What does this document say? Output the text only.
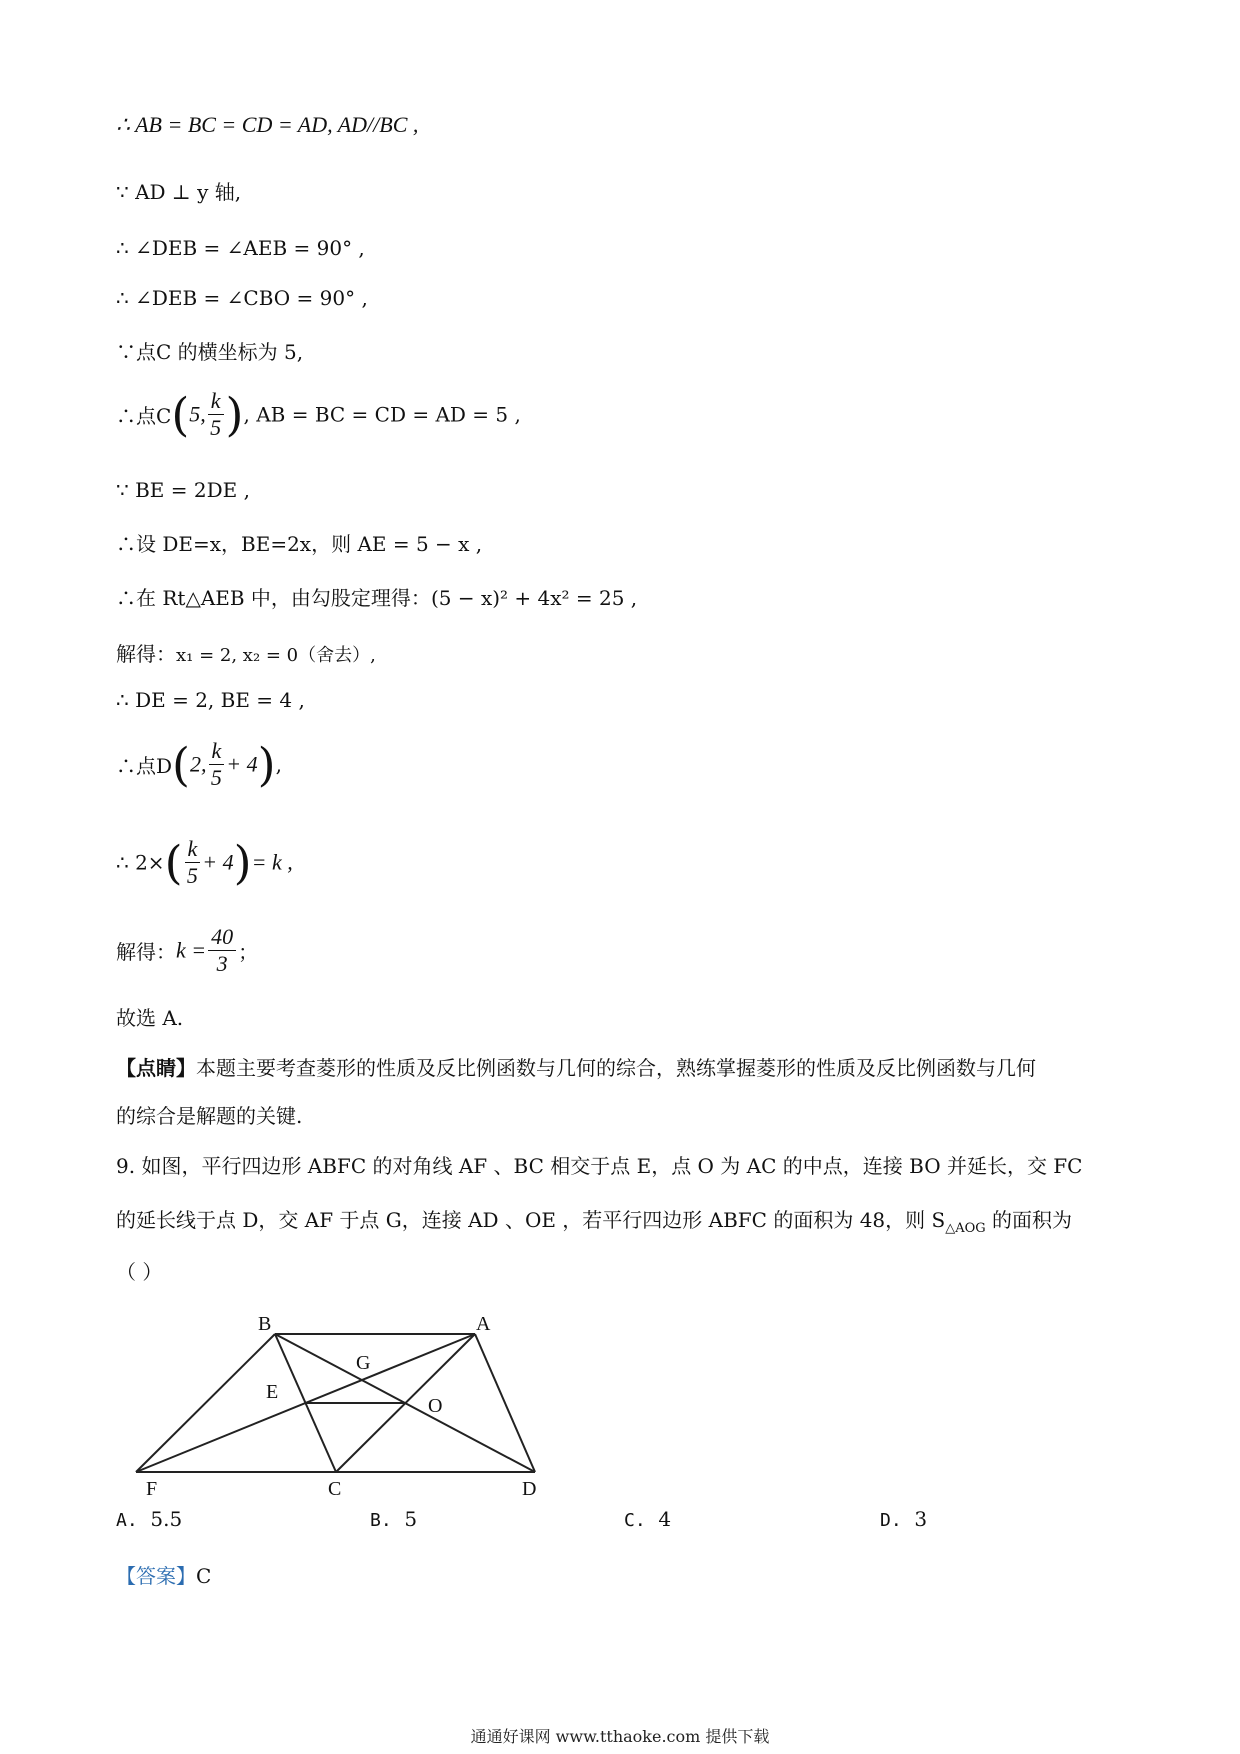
∴ AB = BC = CD = AD, AD//BC ,
∵ AD ⊥ y 轴,
∴ ∠DEB = ∠AEB = 90° ,
∴ ∠DEB = ∠CBO = 90° ,
∵点C 的横坐标为 5,
∴点C(5, $\frac{k}{5}$ ), AB = BC = CD = AD = 5 ,
∵ BE = 2DE ,
∴设 DE=x，BE=2x，则 AE = 5 − x ,
∴在 Rt△AEB 中，由勾股定理得：(5 − x)² + 4x² = 25 ,
解得：x₁ = 2, x₂ = 0（舍去）,
∴ DE = 2, BE = 4 ,
∴点D(2, $\frac{k}{5} + 4$),
∴ $2\times( \frac{k}{5} + 4)= k$ ,
解得：$k = \frac{40}{3}$ ；
故选 A.
【点睛】本题主要考查菱形的性质及反比例函数与几何的综合，熟练掌握菱形的性质及反比例函数与几何
的综合是解题的关键.
9. 如图，平行四边形 ABFC 的对角线 AF 、BC 相交于点 E，点 O 为 AC 的中点，连接 BO 并延长，交 FC
的延长线于点 D，交 AF 于点 G，连接 AD 、OE ，若平行四边形 ABFC 的面积为 48，则 $S_{\triangle AOG}$ 的面积为
（ ）
B	A
G
E
O
F	C	D
A. 5.5	B. 5	C. 4	D. 3
【答案】C
通通好课网 www.tthaoke.com 提供下载
